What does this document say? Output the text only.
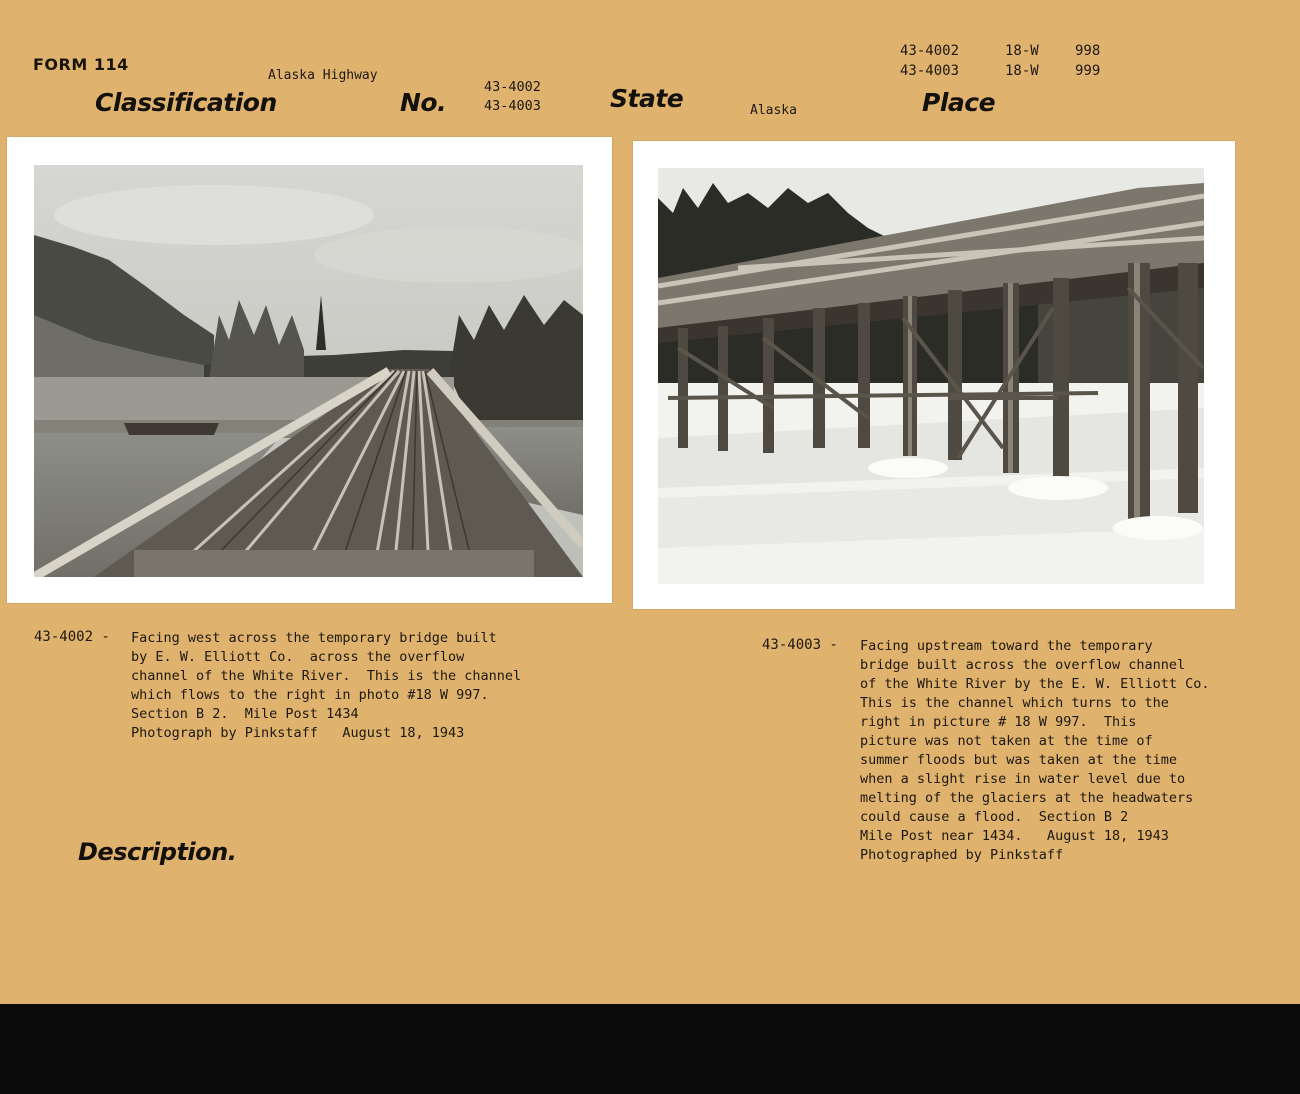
FORM 114
Classification
Alaska Highway
No.
43-4002
43-4003	State	Alaska	Place
43-4002	18-W	998
43-4003	18-W	999
43-4002 - Facing west across the temporary bridge built
by E. W. Elliott Co.  across the overflow
channel of the White River.  This is the channel
which flows to the right in photo #18 W 997.
Section B 2.  Mile Post 1434
Photograph by Pinkstaff   August 18, 1943
43-4003 - Facing upstream toward the temporary
bridge built across the overflow channel
of the White River by the E. W. Elliott Co.
This is the channel which turns to the
right in picture # 18 W 997.  This
picture was not taken at the time of
summer floods but was taken at the time
when a slight rise in water level due to
melting of the glaciers at the headwaters
could cause a flood.  Section B 2
Mile Post near 1434.   August 18, 1943
Photographed by Pinkstaff
Description.
